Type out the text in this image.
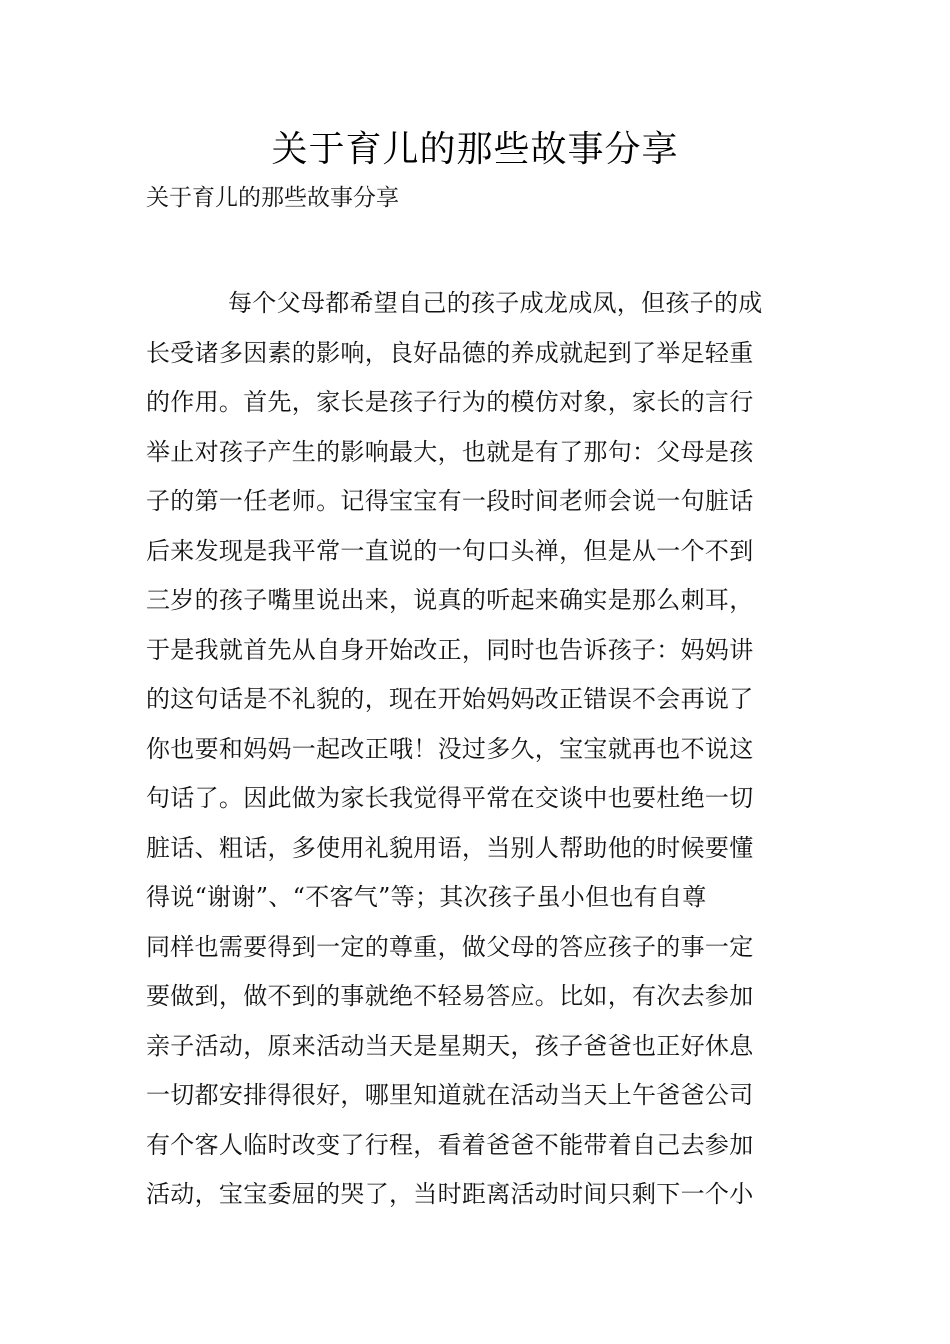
关于育儿的那些故事分享

关于育儿的那些故事分享

每个父母都希望自己的孩子成龙成凤，但孩子的成
长受诸多因素的影响，良好品德的养成就起到了举足轻重
的作用。首先，家长是孩子行为的模仿对象，家长的言行
举止对孩子产生的影响最大，也就是有了那句：父母是孩
子的第一任老师。记得宝宝有一段时间老师会说一句脏话
后来发现是我平常一直说的一句口头禅，但是从一个不到
三岁的孩子嘴里说出来，说真的听起来确实是那么刺耳，
于是我就首先从自身开始改正，同时也告诉孩子：妈妈讲
的这句话是不礼貌的，现在开始妈妈改正错误不会再说了
你也要和妈妈一起改正哦！没过多久，宝宝就再也不说这
句话了。因此做为家长我觉得平常在交谈中也要杜绝一切
脏话、粗话，多使用礼貌用语，当别人帮助他的时候要懂
得说“谢谢”、“不客气”等；其次孩子虽小但也有自尊
同样也需要得到一定的尊重，做父母的答应孩子的事一定
要做到，做不到的事就绝不轻易答应。比如，有次去参加
亲子活动，原来活动当天是星期天，孩子爸爸也正好休息
一切都安排得很好，哪里知道就在活动当天上午爸爸公司
有个客人临时改变了行程，看着爸爸不能带着自己去参加
活动，宝宝委屈的哭了，当时距离活动时间只剩下一个小
